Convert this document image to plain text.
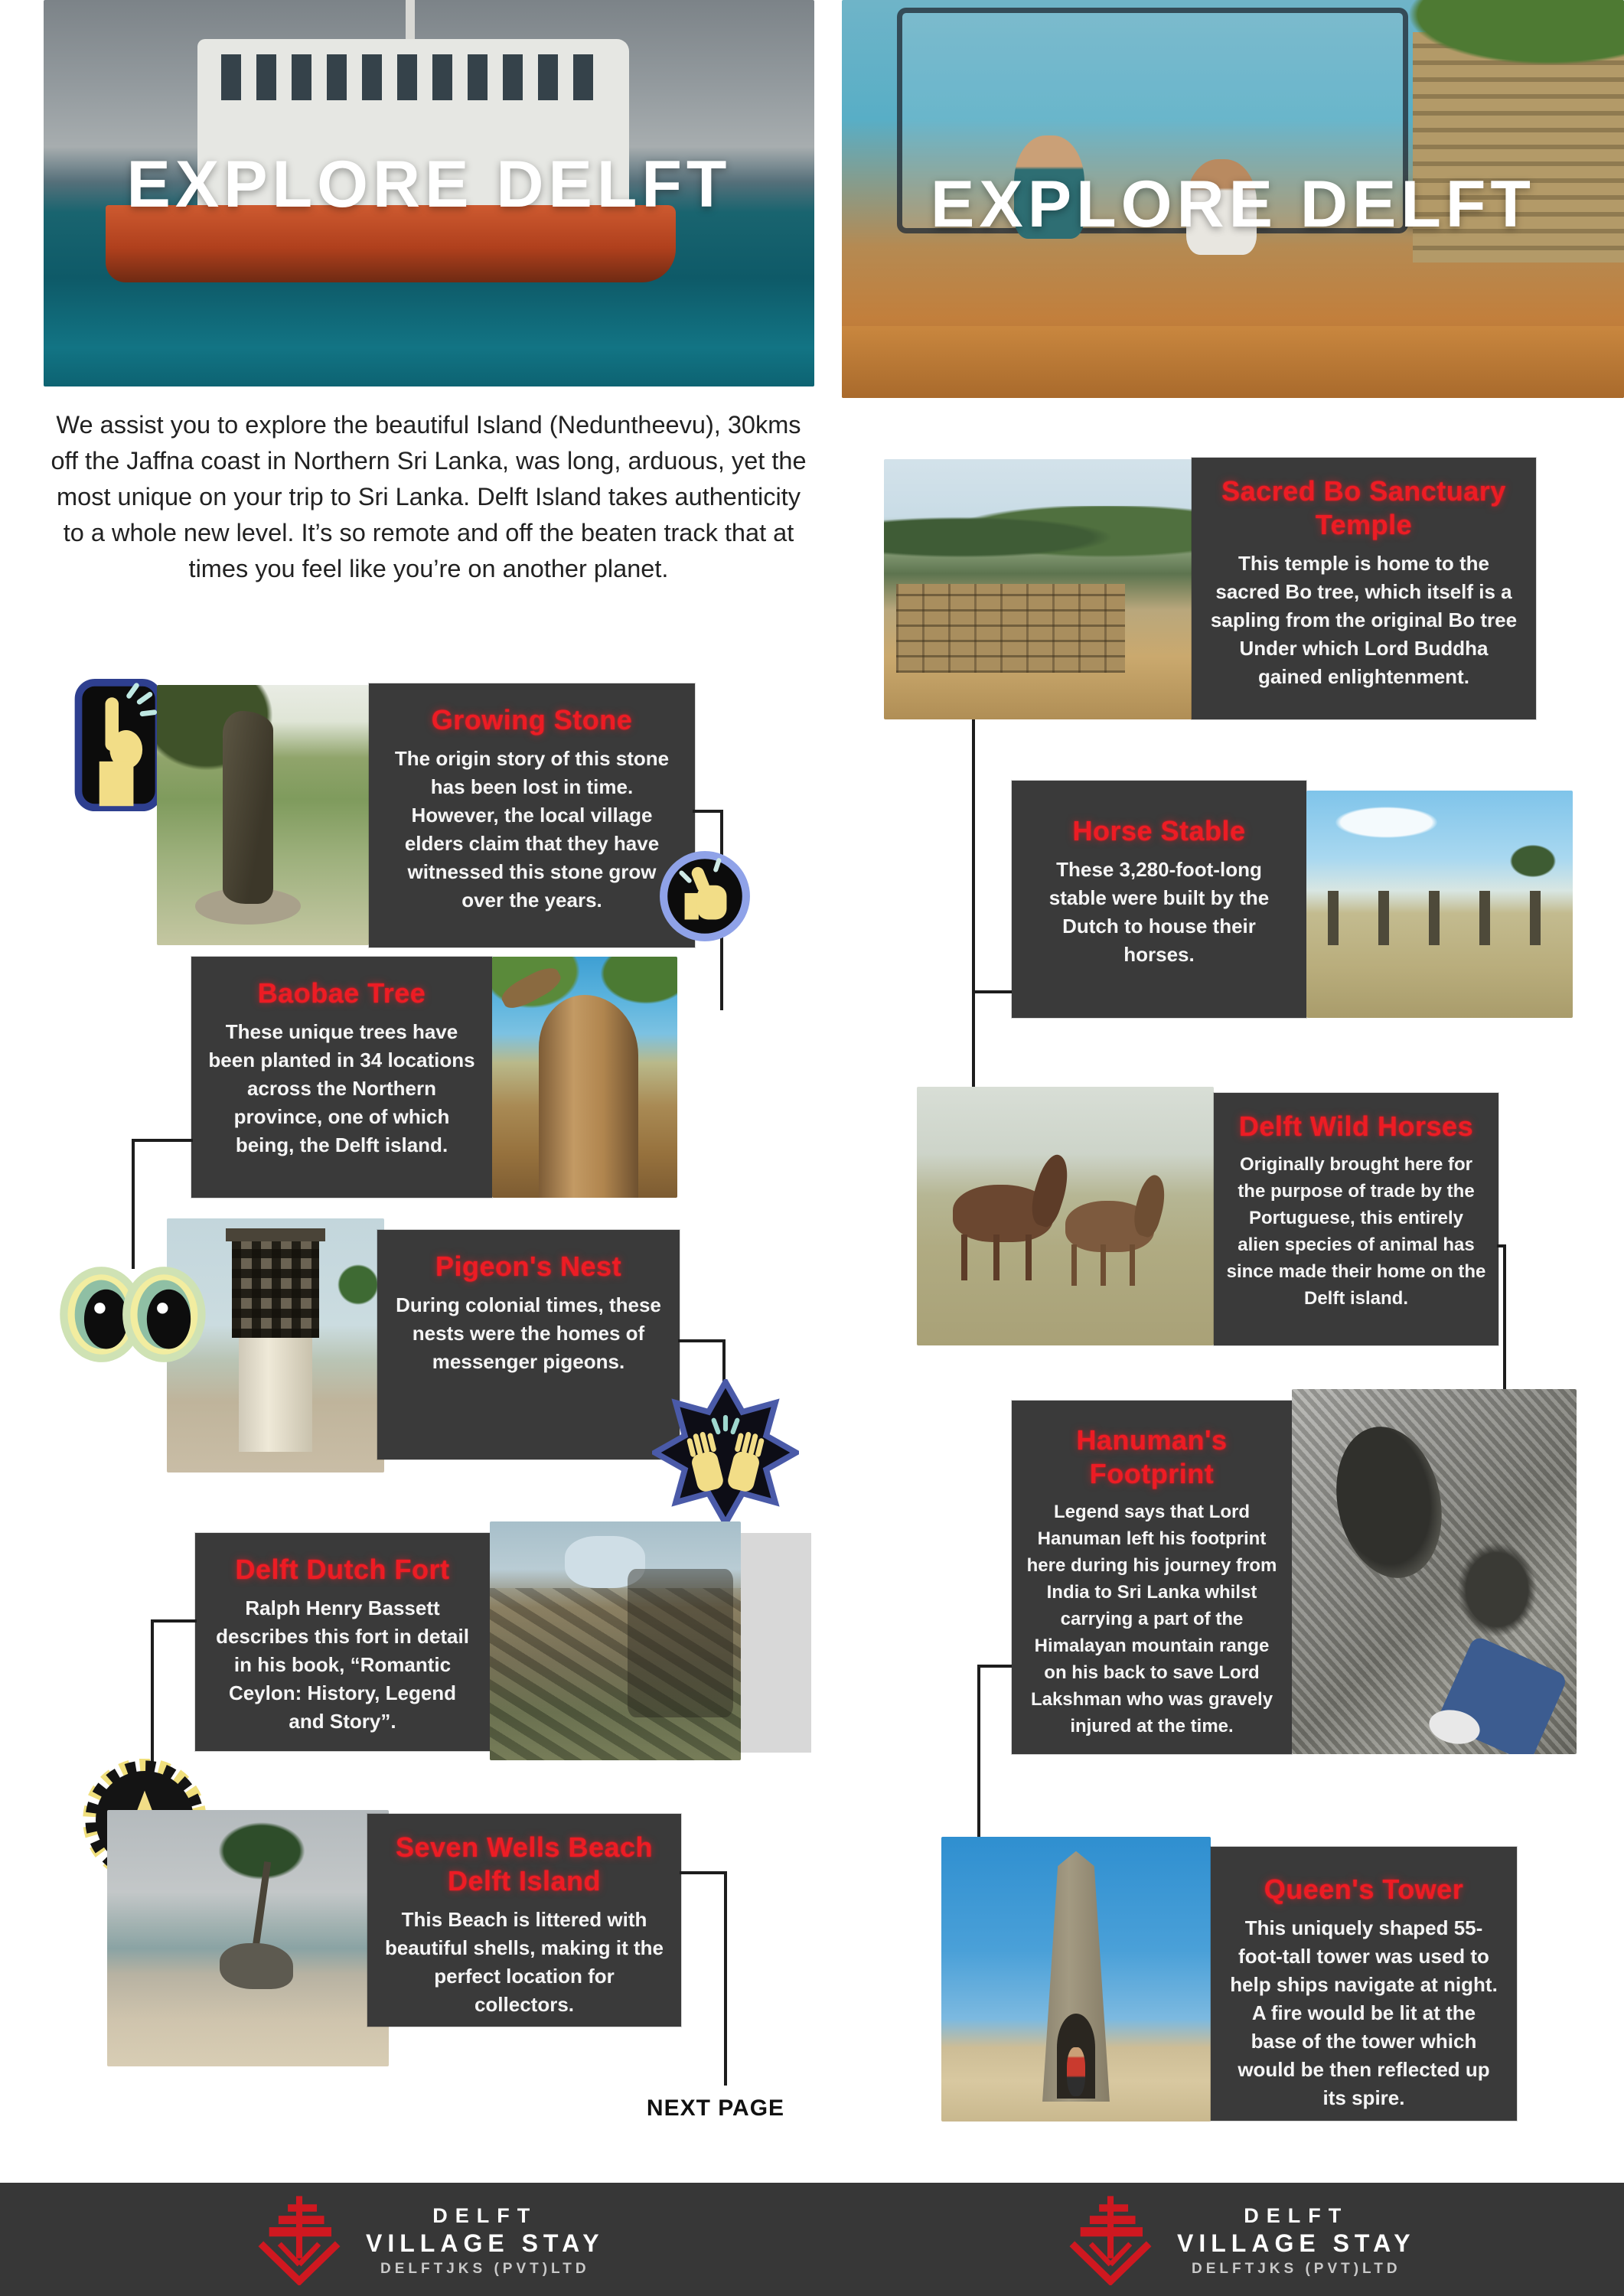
EXPLORE DELFT	EXPLORE DELFT
We assist you to explore the beautiful Island (Neduntheevu), 30kms off the Jaffna coast in Northern Sri Lanka, was long, arduous, yet the most unique on your trip to Sri Lanka. Delft Island takes authenticity to a whole new level. It’s so remote and off the beaten track that at times you feel like you’re on another planet.
Growing Stone
The origin story of this stone has been lost in time. However, the local village elders claim that they have witnessed this stone grow over the years.
Baobae Tree
These unique trees have been planted in 34 locations across the Northern province, one of which being, the Delft island.
Pigeon's Nest
During colonial times, these nests were the homes of messenger pigeons.
Delft Dutch Fort
Ralph Henry Bassett describes this fort in detail in his book, “Romantic Ceylon: History, Legend and Story”.
Seven Wells Beach Delft Island
This Beach is littered with beautiful shells, making it the perfect location for collectors.
NEXT PAGE
Sacred Bo Sanctuary Temple
This temple is home to the sacred Bo tree, which itself is a sapling from the original Bo tree Under which Lord Buddha gained enlightenment.
Horse Stable
These 3,280-foot-long stable were built by the Dutch to house their horses.
Delft Wild Horses
Originally brought here for the purpose of trade by the Portuguese, this entirely alien species of animal has since made their home on the Delft island.
Hanuman's Footprint
Legend says that Lord Hanuman left his footprint here during his journey from India to Sri Lanka whilst carrying a part of the Himalayan mountain range on his back to save Lord Lakshman who was gravely injured at the time.
Queen's Tower
This uniquely shaped 55-foot-tall tower was used to help ships navigate at night. A fire would be lit at the base of the tower which would be then reflected up its spire.
DELFT
VILLAGE STAY
DELFTJKS (PVT)LTD
DELFT
VILLAGE STAY
DELFTJKS (PVT)LTD
